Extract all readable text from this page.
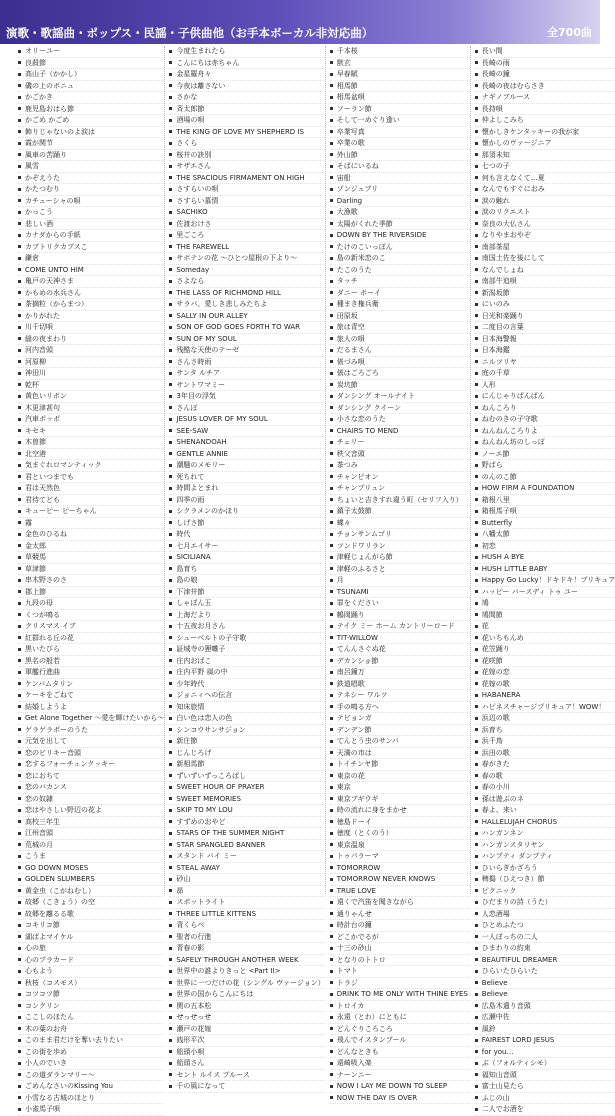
演歌・歌謡曲・ポップス・民謡・子供曲他（お手本ボーカル非対応曲）	全700曲
オリーユー
良殺節
高山子（かかし）
磯の上のボニュ
かごかき
鹿児島おはら節
かごめ かごめ
飾りじゃないのよ涙は
霞が関节
風車の苦踊り
風雪
かぞえうた
かたつむり
カチューシャの唄
かっこう
悲しい酒
カナダからの手紙
カブトリクカブスこ
鎌倉
COME UNTO HIM
亀戸の天神さま
かもめの水兵さん
茶摘粒（からまつ）
かりがれた
川千切唄
縫の夜まわり
河内音頭
河原柳
神田川
乾杯
黄色いリボン
木更津甚句
汽車ポッポ
キセキ
木曽節
北空港
気まぐれロマンティック
君といつまでも
君は天然色
君待てども
キューピー ピーちゃん
霧
金色のひるね
金太郎
草競馬
草津節
串木野さのさ
郡上節
九段の母
くつが鳴る
クリスマス イブ
紅群れる丘の花
黒いたびら
黒名の般若
軍艦行進曲
ケンバムタリン
ケーキをごねて
結婚しようよ
Get Alone Together ～愛を輝けたいから～
ゲラゲラポーのうた
元気を出して
恋のビリキー音頭
恋するフォーチュンクッキー
恋におちて
恋のバカンス
恋の奴隷
恋はやさしい野辺の花よ
高校三年生
江州音頭
荒城の月
こうま
GO DOWN MOSES
GOLDEN SLUMBERS
黄金虫（こがねむし）
故郷（こきょう）の空
故郷を離るる歌
コキリコ節
湖ばよマイケル
心の旅
心のプラカード
心もよう
秋桜（コスモス）
コツコツ節
コンクリン
ここしのほたん
木の葉のお舟
このまま君だけを奪い去りたい
この街を歩め
小人のでいき
この道ダランマリー～
ごめんなさいのKissing You
小雪なる古城のほとり
小雀馬子唄
今度生まれたら
こんにちは赤ちゃん
金星羅舟々
今夜は離さない
さかな
斉太郎節
酒場の唄
THE KING OF LOVE MY SHEPHERD IS
さくら
桜井の訣別
サザエさん
THE SPACIOUS FIRMAMENT ON HIGH
さすらいの唄
さすらい慕情
SACHIKO
佐渡おけさ
里ごころ
THE FAREWELL
サボテンの花 ～ひとつ屋根の下より～
Someday
さよなら
THE LASS OF RICHMOND HILL
サラバ、愛しき悲しみたちよ
SALLY IN OUR ALLEY
SON OF GOD GOES FORTH TO WAR
SUN OF MY SOUL
残酷な天使のテーゼ
さんさ時雨
サンタ ルチア
サントワマミー
3年目の浮気
さんぽ
JESUS LOVER OF MY SOUL
SEE-SAW
SHENANDOAH
GENTLE ANNIE
潮騒のメモリー
死ちれて
時間よとまれ
四季の雨
シクラメンのかほり
しげさ節
時代
七月エイサー
SICILIANA
島育ち
島の娘
下津井節
しゃぼん玉
上海だより
十五夜お月さん
シューベルトの子守歌
証城寺の狸囃子
庄内おばこ
庄内平野 風の中
少年時代
ジョニィへの伝言
知床旅情
白い色は恋人の色
シンコウサンサジョン
新庄節
じんじろげ
新相馬節
ずいずいずっころばし
SWEET HOUR OF PRAYER
SWEET MEMORIES
SKIP TO MY LOU
すずめのおやど
STARS OF THE SUMMER NIGHT
STAR SPANGLED BANNER
スタンド バイ ミー
STEAL AWAY
砂山
昴
スポットライト
THREE LITTLE KITTENS
背くらべ
聖者の行進
青春の影
SAFELY THROUGH ANOTHER WEEK
世界中の誰よりきっと <Part II>
世界に一つだけの花（シングル ヴァージョン）
世界の国からこんにちは
関の五本松
せっせっせ
瀬戸の花嫁
銭形平次
船頭小唄
船頭さん
セント ルイス ブルース
千の風になって
千本桜
獣玄
早春賦
相馬節
相馬盆唄
ソーラン節
そして一めぐり逢い
卒業写真
卒業の歌
外山節
そばにいるね
宙船
ゾンジュブリ
Darling
大漁歌
太陽がくれた季節
DOWN BY THE RIVERSIDE
たけのこいっぽん
島の新米恋のこ
たこのうた
タッチ
ダニー ボーイ
種まき権兵衛
田原坂
旅は青空
旅人の唄
だるまさん
俵づみ唄
俵はごろごろ
炭坑節
ダンシング オールナイト
ダンシング クイーン
小さな恋のうた
CHAIRS TO MEND
チェリー
秩父音頭
茶つみ
チャンピオン
チャンプリュン
ちょいと吉きすれ違う町（セリフ入り）
鎮子太鼓節
蝶々
チョンサンムゴリ
ツンドワリラン
津軽じょんがら節
津軽のふるさと
月
TSUNAMI
罪をください
鶴岡踊り
テイク ミー ホーム カントリーロード
TIT-WILLOW
てんんさぐぬ花
デカンショ節
南呂鐘万
鉄道唱歌
テネシー ワルツ
手の鳴る方へ
テビョンガ
デンデン節
てんとう虫のサンバ
天満の市は
トイチンヤ節
東京の花
東京
東京ブギウギ
時の流れに身をまかせ
徳島ドーイ
徳度（とくのう）
東京温泉
トゥパラーマ
TOMORROW
TOMORROW NEVER KNOWS
TRUE LOVE
遠くで汽笛を聞きながら
通りゃんせ
時計台の鐘
どこかでるが
十三の砂山
となりのトトロ
トマト
トラジ
DRINK TO ME ONLY WITH THINE EYES
トロイカ
永遠（とわ）にともに
どんぐりころころ
飛んでイスタンブール
どんなときも
遠崎吸入楽
ナーンニー
NOW I LAY ME DOWN TO SLEEP
NOW THE DAY IS OVER
長い間
長崎の雨
長崎の鐘
長崎の夜はむらさき
ナギノブルース
長持唄
仲よしこみち
懐かしきケンタッキーの我が家
懐かしのヴァージニア
那須未知
七つの子
何も言えなくて…夏
なんでもすぐにおみ
涙の触れ
涙のリクエスト
奈良の大仏さん
なりやまおやぞ
南部茶屋
南国土佐を後にして
なんでしょね
南部牛追唄
新潟坂節
にいのみ
日光和楽踊り
二度目の言葉
日本海警報
日本海鑑
ニルツリヤ
庭の千草
人形
にんじゃりばんばん
ねんころり
ねむのきの子守歌
ねんねんころりよ
ねんねん坊のしっぽ
ノーエ節
野ばら
のんのこ節
HOW FIRM A FOUNDATION
箱根八里
箱根馬子唄
Butterfly
八幡太節
初恋
HUSH A BYE
HUSH LITTLE BABY
Happy Go Lucky！ドキドキ！プリキュア
ハッピー バースディ トゥ ユー
鳩
鳩間節
花
花いちもんめ
花笠踊り
花咲節
花嫁の恋
花嫁の歌
HABANERA
ハピネスチャージプリキュア！WOW！
浜辺の歌
浜育ち
浜千鳥
浜田の歌
春がきた
春の歌
春の小川
孫は遊ぶのネ
春よ、来い
HALLELUJAH CHORUS
ハンガンネン
ハンガンスタリヤン
ハンプティ ダンプティ
ひいらぎかざろう
稗搗（ひえつき）節
ピクニック
ひだまりの詩（うた）
人恋酒場
ひとめふたつ
一人ぼっちの二人
ひまわりの約束
BEAUTIFUL DREAMER
ひらいたひらいた
Believe
Believe
広島木遣り音頭
広瀬中佐
風鈴
FAIREST LORD JESUS
for you…
ぶ（フォルティシモ）
福知山音頭
富士山見たら
ふじの山
二人でお酒を
